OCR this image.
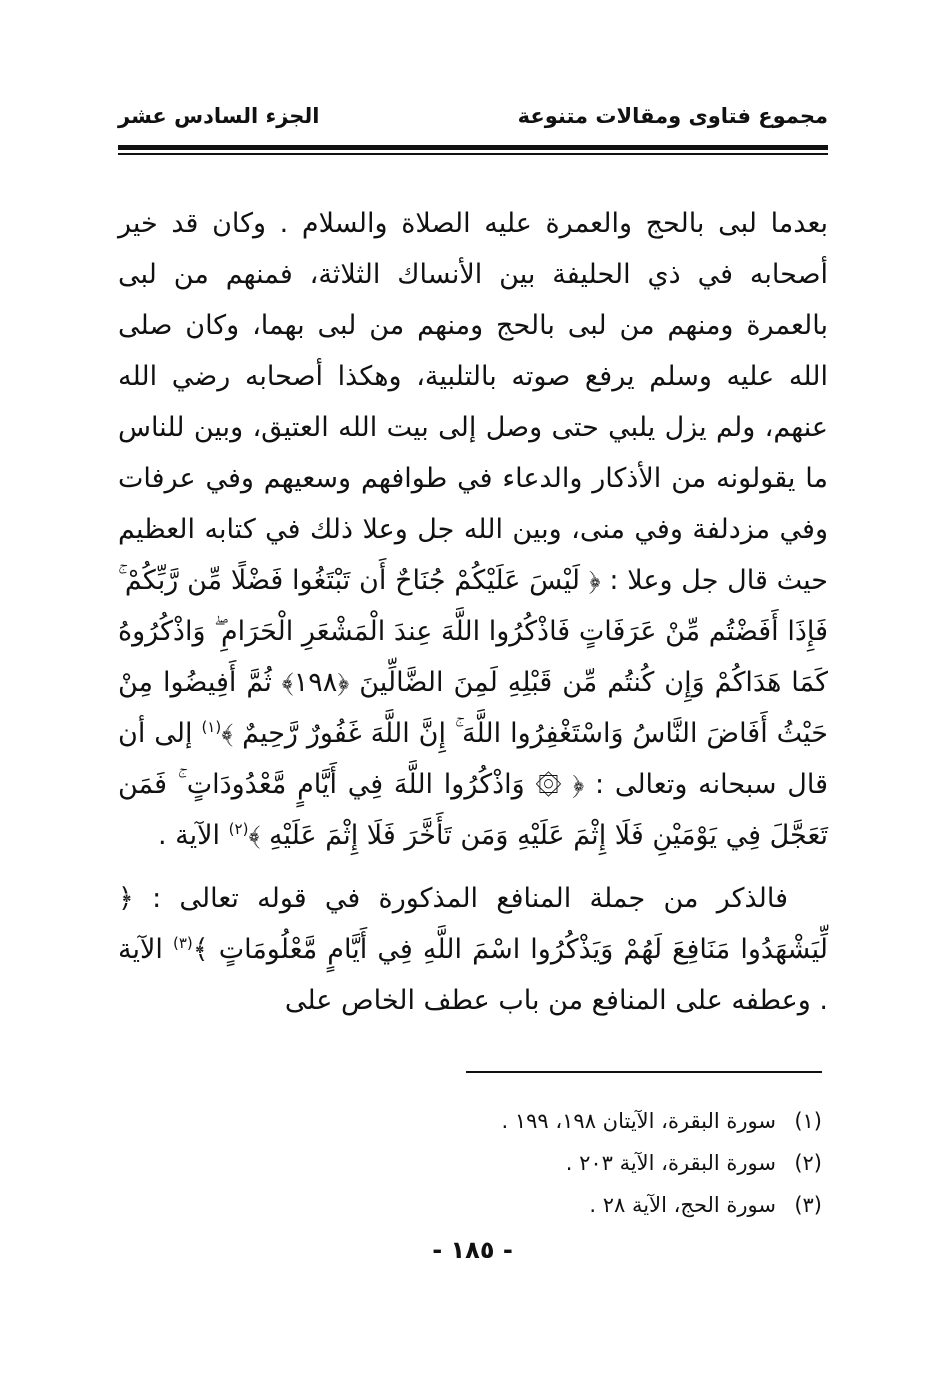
مجموع فتاوى ومقالات متنوعة
الجزء السادس عشر

بعدما لبى بالحج والعمرة عليه الصلاة والسلام . وكان قد خير أصحابه في ذي الحليفة بين الأنساك الثلاثة، فمنهم من لبى بالعمرة ومنهم من لبى بالحج ومنهم من لبى بهما، وكان صلى الله عليه وسلم يرفع صوته بالتلبية، وهكذا أصحابه رضي الله عنهم، ولم يزل يلبي حتى وصل إلى بيت الله العتيق، وبين للناس ما يقولونه من الأذكار والدعاء في طوافهم وسعيهم وفي عرفات وفي مزدلفة وفي منى، وبين الله جل وعلا ذلك في كتابه العظيم حيث قال جل وعلا : ﴿ لَيْسَ عَلَيْكُمْ جُنَاحٌ أَن تَبْتَغُوا فَضْلًا مِّن رَّبِّكُمْ ۚ فَإِذَا أَفَضْتُم مِّنْ عَرَفَاتٍ فَاذْكُرُوا اللَّهَ عِندَ الْمَشْعَرِ الْحَرَامِ ۖ وَاذْكُرُوهُ كَمَا هَدَاكُمْ وَإِن كُنتُم مِّن قَبْلِهِ لَمِنَ الضَّالِّينَ ﴿١٩٨﴾ ثُمَّ أَفِيضُوا مِنْ حَيْثُ أَفَاضَ النَّاسُ وَاسْتَغْفِرُوا اللَّهَ ۚ إِنَّ اللَّهَ غَفُورٌ رَّحِيمٌ ﴾$^{(١)}$ إلى أن قال سبحانه وتعالى : ﴿ ۞ وَاذْكُرُوا اللَّهَ فِي أَيَّامٍ مَّعْدُودَاتٍ ۚ فَمَن تَعَجَّلَ فِي يَوْمَيْنِ فَلَا إِثْمَ عَلَيْهِ وَمَن تَأَخَّرَ فَلَا إِثْمَ عَلَيْهِ ﴾$^{(٢)}$ الآية .

فالذكر من جملة المنافع المذكورة في قوله تعالى : ﴿ لِّيَشْهَدُوا مَنَافِعَ لَهُمْ وَيَذْكُرُوا اسْمَ اللَّهِ فِي أَيَّامٍ مَّعْلُومَاتٍ ﴾$^{(٣)}$ الآية . وعطفه على المنافع من باب عطف الخاص على

(١)
سورة البقرة، الآيتان ١٩٨، ١٩٩ .
(٢)
سورة البقرة، الآية ٢٠٣ .
(٣)
سورة الحج، الآية ٢٨ .
- ١٨٥ -
